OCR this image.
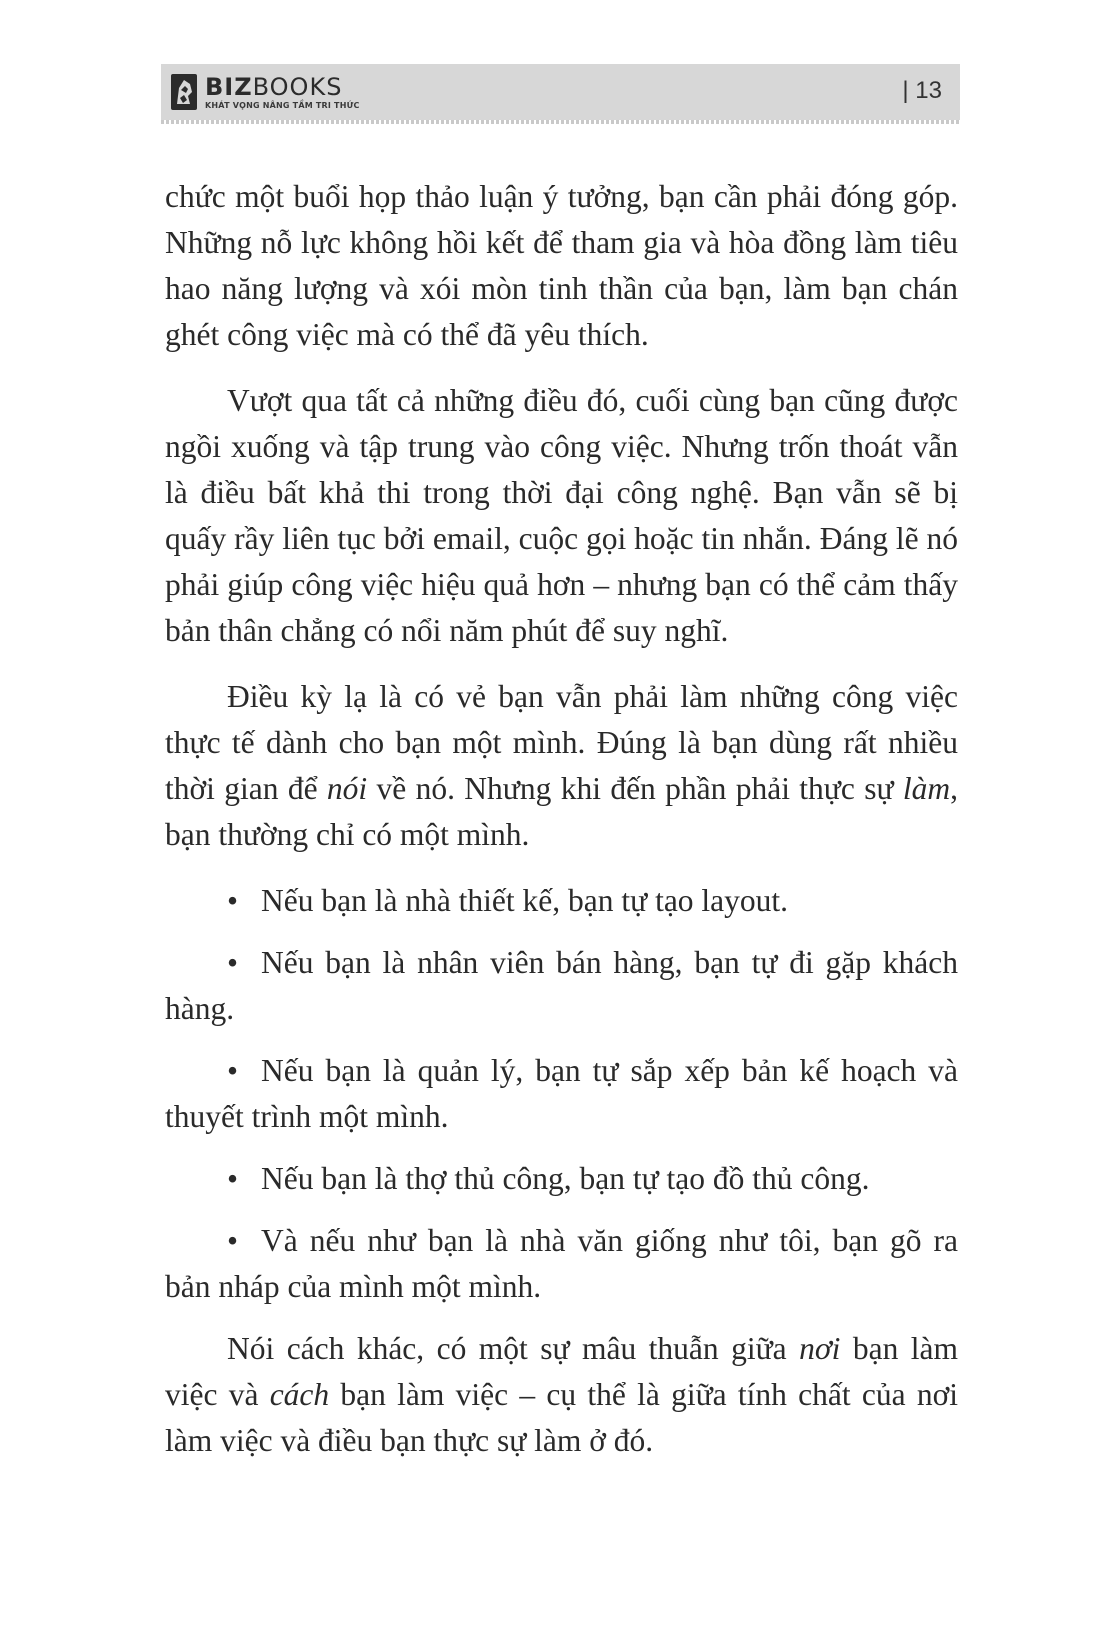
BIZBOOKS
KHÁT VỌNG NÂNG TẦM TRI THỨC
| 13

chức một buổi họp thảo luận ý tưởng, bạn cần phải đóng góp. Những nỗ lực không hồi kết để tham gia và hòa đồng làm tiêu hao năng lượng và xói mòn tinh thần của bạn, làm bạn chán ghét công việc mà có thể đã yêu thích.

Vượt qua tất cả những điều đó, cuối cùng bạn cũng được ngồi xuống và tập trung vào công việc. Nhưng trốn thoát vẫn là điều bất khả thi trong thời đại công nghệ. Bạn vẫn sẽ bị quấy rầy liên tục bởi email, cuộc gọi hoặc tin nhắn. Đáng lẽ nó phải giúp công việc hiệu quả hơn – nhưng bạn có thể cảm thấy bản thân chẳng có nổi năm phút để suy nghĩ.

Điều kỳ lạ là có vẻ bạn vẫn phải làm những công việc thực tế dành cho bạn một mình. Đúng là bạn dùng rất nhiều thời gian để nói về nó. Nhưng khi đến phần phải thực sự làm, bạn thường chỉ có một mình.

• Nếu bạn là nhà thiết kế, bạn tự tạo layout.

• Nếu bạn là nhân viên bán hàng, bạn tự đi gặp khách hàng.

• Nếu bạn là quản lý, bạn tự sắp xếp bản kế hoạch và thuyết trình một mình.

• Nếu bạn là thợ thủ công, bạn tự tạo đồ thủ công.

• Và nếu như bạn là nhà văn giống như tôi, bạn gõ ra bản nháp của mình một mình.

Nói cách khác, có một sự mâu thuẫn giữa nơi bạn làm việc và cách bạn làm việc – cụ thể là giữa tính chất của nơi làm việc và điều bạn thực sự làm ở đó.
